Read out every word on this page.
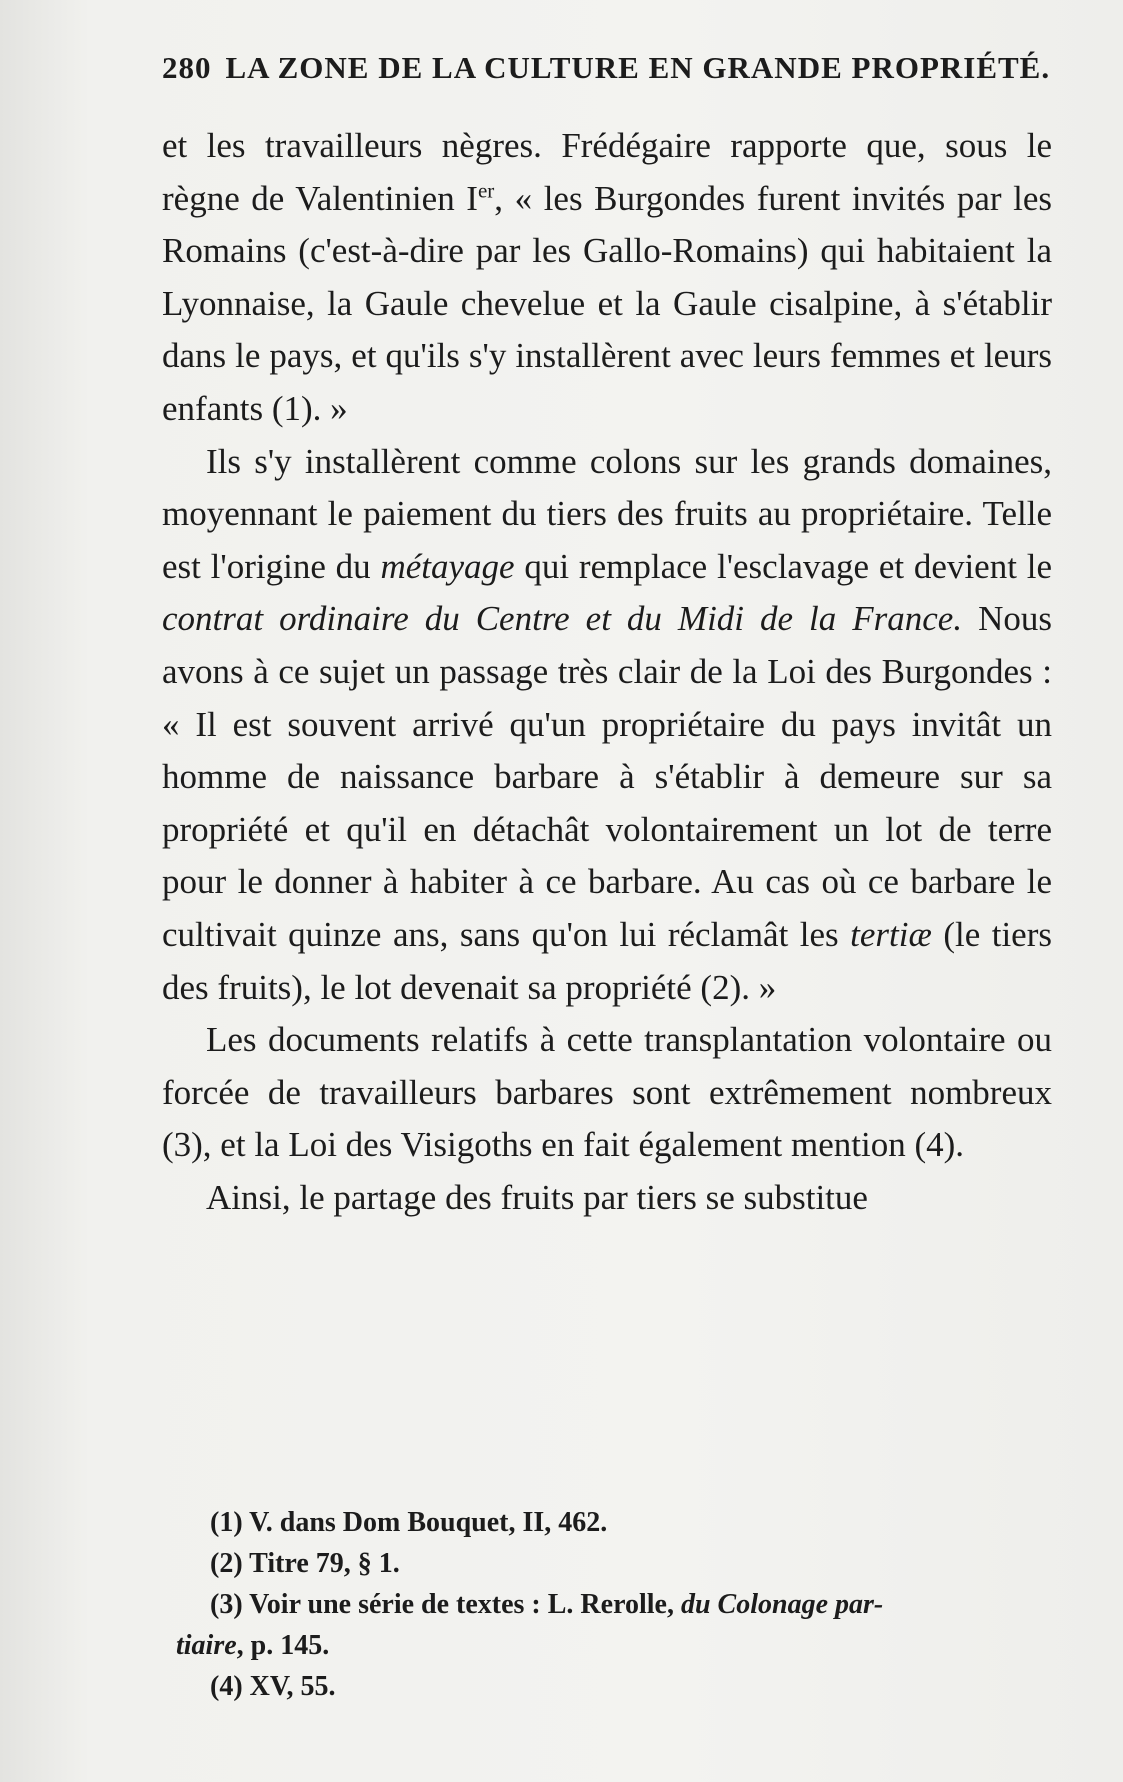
280 LA ZONE DE LA CULTURE EN GRANDE PROPRIÉTÉ.

et les travailleurs nègres. Frédégaire rapporte que, sous le règne de Valentinien Ier, « les Burgondes furent invités par les Romains (c'est-à-dire par les Gallo-Romains) qui habitaient la Lyonnaise, la Gaule chevelue et la Gaule cisalpine, à s'établir dans le pays, et qu'ils s'y installèrent avec leurs femmes et leurs enfants (1). »

Ils s'y installèrent comme colons sur les grands domaines, moyennant le paiement du tiers des fruits au propriétaire. Telle est l'origine du métayage qui remplace l'esclavage et devient le contrat ordinaire du Centre et du Midi de la France. Nous avons à ce sujet un passage très clair de la Loi des Burgondes : « Il est souvent arrivé qu'un propriétaire du pays invitât un homme de naissance barbare à s'établir à demeure sur sa propriété et qu'il en détachât volontairement un lot de terre pour le donner à habiter à ce barbare. Au cas où ce barbare le cultivait quinze ans, sans qu'on lui réclamât les tertiæ (le tiers des fruits), le lot devenait sa propriété (2). »

Les documents relatifs à cette transplantation volontaire ou forcée de travailleurs barbares sont extrêmement nombreux (3), et la Loi des Visigoths en fait également mention (4).

Ainsi, le partage des fruits par tiers se substitue

(1) V. dans Dom Bouquet, II, 462.

(2) Titre 79, § 1.

(3) Voir une série de textes : L. Rerolle, du Colonage par-

tiaire, p. 145.

(4) XV, 55.
